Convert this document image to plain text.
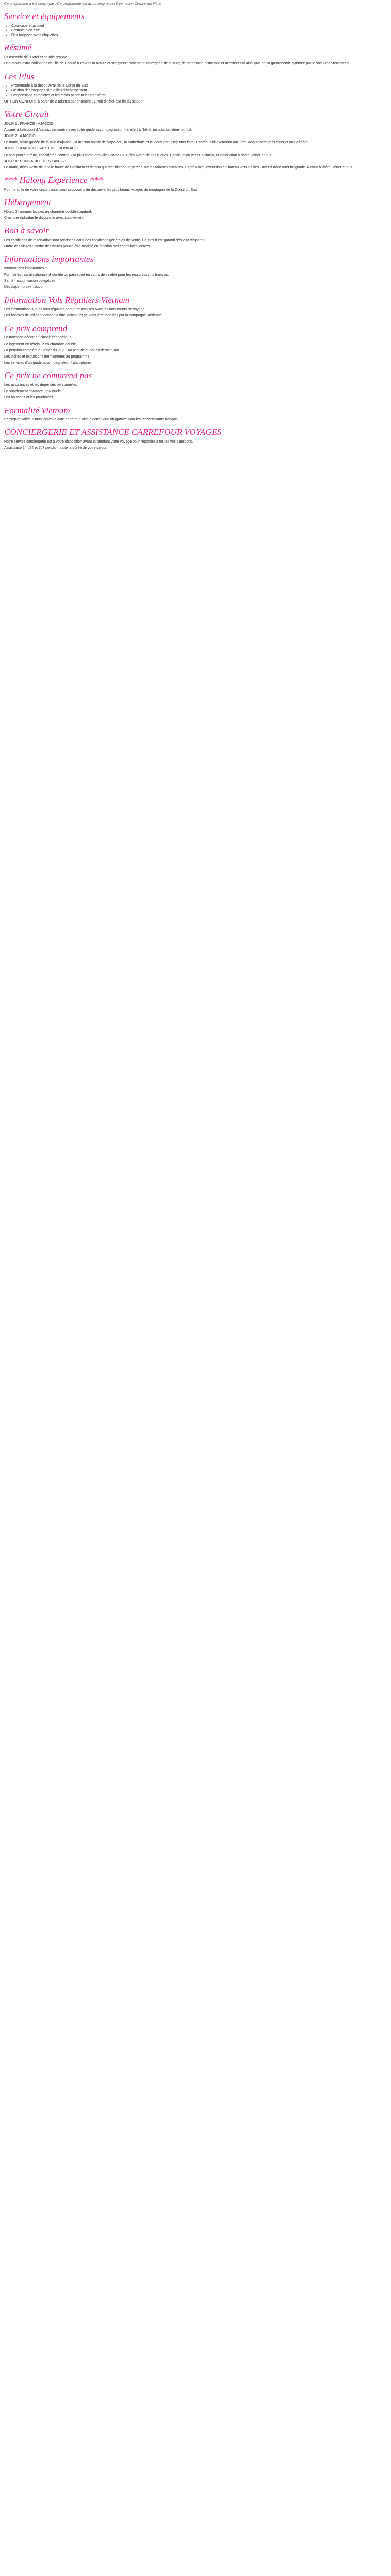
Ce programme a été conçu par : Ce programme est accompagné par l'Animation Crescendo Hôtel

Service et équipements
• Courtoisie et accueil
• Formule bien-être
• Des bagages avec étiquettes
Résumé

L'Ensemble de l'Hotel et sa rôle groupe

Des atouts extra-ordinaires de l'île de Beauté à travers la nature et son passé richement imprégnée de culture, de patrimoine historique et architectural ainsi que de sa gastronomie rythmée par le soleil méditerranéen.

Les Plus
• Promenade à la découverte de la Corse du Sud
• Gestion des bagages sur le lieu d'hébergement
• Les pensions complètes et les repas pendant les transferts

OPTION CONFORT à partir de 2 adultes par chambre : 1 nuit d'hôtel à la fin du séjour.

Votre Circuit

JOUR 1 : FRANCE - AJACCIO

Accueil à l'aéroport d'Ajaccio, rencontre avec votre guide accompagnateur, transfert à l'hôtel, installation, dîner et nuit.

JOUR 2 : AJACCIO

Le matin, visite guidée de la ville d'Ajaccio : la maison natale de Napoléon, la cathédrale et le vieux port. Déjeuner libre. L'après-midi excursion aux îles Sanguinaires puis dîner et nuit à l'hôtel.

JOUR 3 : AJACCIO - SARTÈNE - BONIFACIO

Départ pour Sartène, considérée comme « la plus corse des villes corses ». Découverte de ses ruelles. Continuation vers Bonifacio, et installation à l'hôtel, dîner et nuit.

JOUR 4 : BONIFACIO - ÎLES LAVEZZI

Le matin, découverte de la ville haute de Bonifacio et de son quartier historique perché sur les falaises calcaires. L'après-midi, excursion en bateau vers les îles Lavezzi avec arrêt baignade. Retour à l'hôtel, dîner et nuit.

*** Halong Expérience ***

Pour la suite de votre circuit, nous vous proposons de découvrir les plus beaux villages de montagne de la Corse du Sud

Hébergement

Hôtels 3* normes locales en chambre double standard.

Chambre individuelle disponible avec supplément.

Bon à savoir

Les conditions de réservation sont précisées dans nos conditions générales de vente. Ce circuit est garanti dès 2 participants.

Ordre des visites : l'ordre des visites pourra être modifié en fonction des contraintes locales.

Informations importantes

Informations importantes :

Formalités : carte nationale d'identité ou passeport en cours de validité pour les ressortissants français.

Santé : aucun vaccin obligatoire.

Décalage horaire : aucun.

Information Vols Réguliers Vietnam

Les informations sur les vols réguliers seront transmises avec les documents de voyage.

Les horaires de vol sont donnés à titre indicatif et peuvent être modifiés par la compagnie aérienne.

Ce prix comprend

Le transport aérien en classe économique

Le logement en hôtels 3* en chambre double

La pension complète du dîner du jour 1 au petit déjeuner du dernier jour

Les visites et excursions mentionnées au programme

Les services d'un guide accompagnateur francophone

Ce prix ne comprend pas

Les assurances et les dépenses personnelles

Le supplément chambre individuelle

Les boissons et les pourboires

Formalité Vietnam

Passeport valide 6 mois après la date de retour. Visa électronique obligatoire pour les ressortissants français.

CONCIERGERIE ET ASSISTANCE CARREFOUR VOYAGES

Notre service conciergerie est à votre disposition avant et pendant votre voyage pour répondre à toutes vos questions.

Assistance 24h/24 et 7j/7 pendant toute la durée de votre séjour.
